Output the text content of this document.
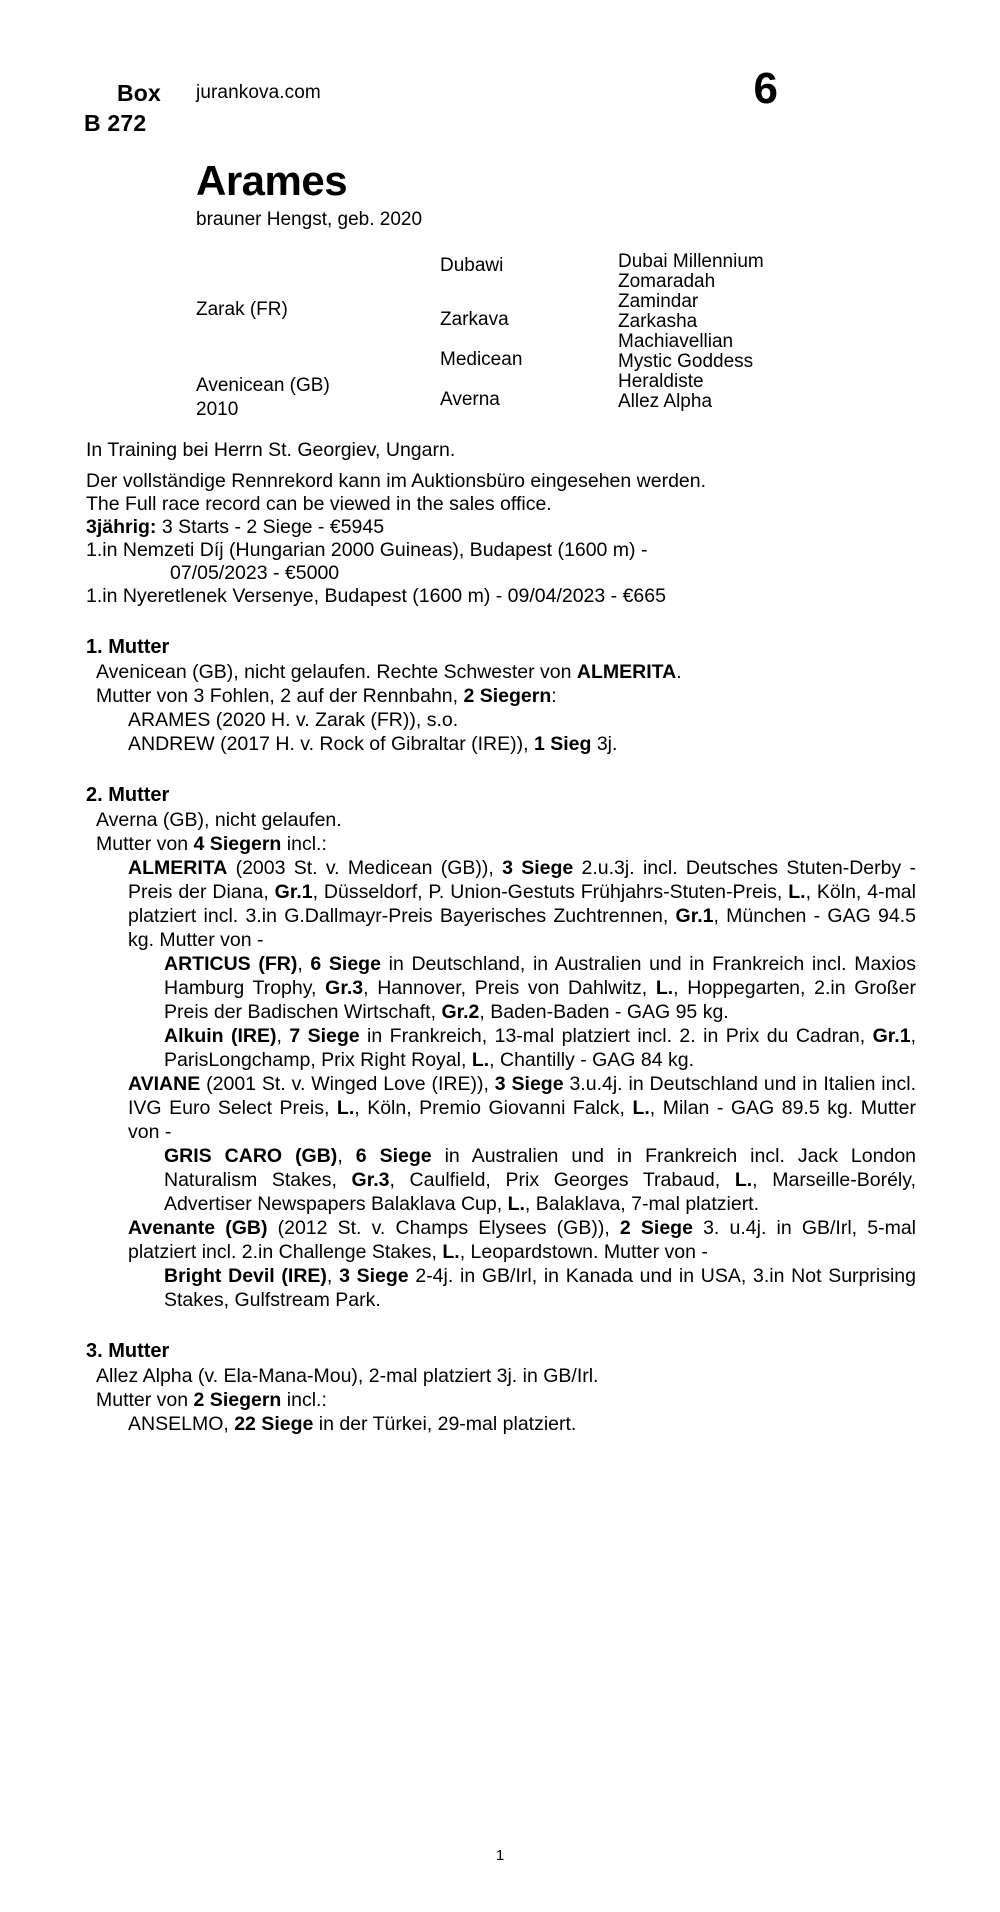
Box
B 272
jurankova.com	6
Arames
brauner Hengst, geb. 2020
Zarak (FR)
Avenicean (GB)
2010
Dubawi
Zarkava
Medicean
Averna
Dubai Millennium
Zomaradah
Zamindar
Zarkasha
Machiavellian
Mystic Goddess
Heraldiste
Allez Alpha
In Training bei Herrn St. Georgiev, Ungarn.
Der vollständige Rennrekord kann im Auktionsbüro eingesehen werden.
The Full race record can be viewed in the sales office.
3jährig: 3 Starts - 2 Siege - €5945
1.in Nemzeti Díj (Hungarian 2000 Guineas), Budapest (1600 m) -
07/05/2023 - €5000
1.in Nyeretlenek Versenye, Budapest (1600 m) - 09/04/2023 - €665
1. Mutter
Avenicean (GB), nicht gelaufen. Rechte Schwester von ALMERITA.
Mutter von 3 Fohlen, 2 auf der Rennbahn, 2 Siegern:
ARAMES (2020 H. v. Zarak (FR)), s.o.
ANDREW (2017 H. v. Rock of Gibraltar (IRE)), 1 Sieg 3j.
2. Mutter
Averna (GB), nicht gelaufen.
Mutter von 4 Siegern incl.:
ALMERITA (2003 St. v. Medicean (GB)), 3 Siege 2.u.3j. incl. Deutsches Stuten-Derby - Preis der Diana, Gr.1, Düsseldorf, P. Union-Gestuts Frühjahrs-Stuten-Preis, L., Köln, 4-mal platziert incl. 3.in G.Dallmayr-Preis Bayerisches Zuchtrennen, Gr.1, München - GAG 94.5 kg. Mutter von -
ARTICUS (FR), 6 Siege in Deutschland, in Australien und in Frankreich incl. Maxios Hamburg Trophy, Gr.3, Hannover, Preis von Dahlwitz, L., Hoppegarten, 2.in Großer Preis der Badischen Wirtschaft, Gr.2, Baden-Baden - GAG 95 kg.
Alkuin (IRE), 7 Siege in Frankreich, 13-mal platziert incl. 2. in Prix du Cadran, Gr.1, ParisLongchamp, Prix Right Royal, L., Chantilly - GAG 84 kg.
AVIANE (2001 St. v. Winged Love (IRE)), 3 Siege 3.u.4j. in Deutschland und in Italien incl. IVG Euro Select Preis, L., Köln, Premio Giovanni Falck, L., Milan - GAG 89.5 kg. Mutter von -
GRIS CARO (GB), 6 Siege in Australien und in Frankreich incl. Jack London Naturalism Stakes, Gr.3, Caulfield, Prix Georges Trabaud, L., Marseille-Borély, Advertiser Newspapers Balaklava Cup, L., Balaklava, 7-mal platziert.
Avenante (GB) (2012 St. v. Champs Elysees (GB)), 2 Siege 3. u.4j. in GB/Irl, 5-mal platziert incl. 2.in Challenge Stakes, L., Leopardstown. Mutter von -
Bright Devil (IRE), 3 Siege 2-4j. in GB/Irl, in Kanada und in USA, 3.in Not Surprising Stakes, Gulfstream Park.
3. Mutter
Allez Alpha (v. Ela-Mana-Mou), 2-mal platziert 3j. in GB/Irl.
Mutter von 2 Siegern incl.:
ANSELMO, 22 Siege in der Türkei, 29-mal platziert.
1
